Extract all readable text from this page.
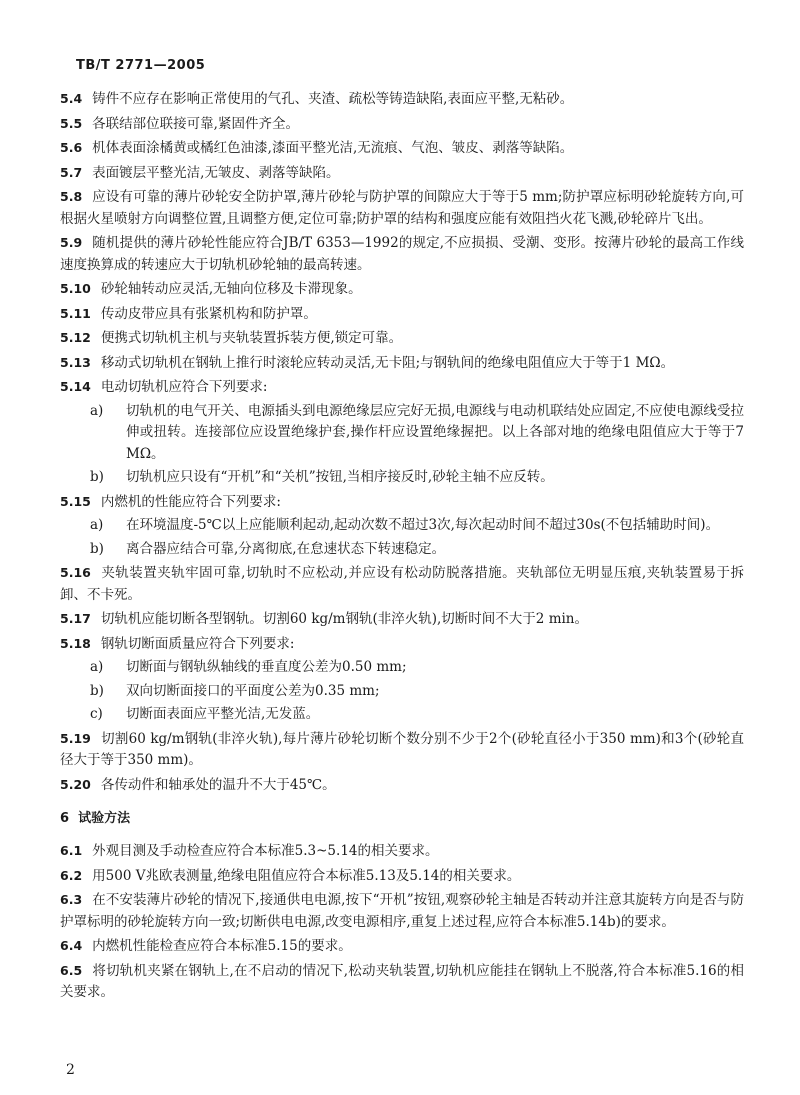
TB/T 2771—2005
5.4 铸件不应存在影响正常使用的气孔、夹渣、疏松等铸造缺陷,表面应平整,无粘砂。
5.5 各联结部位联接可靠,紧固件齐全。
5.6 机体表面涂橘黄或橘红色油漆,漆面平整光洁,无流痕、气泡、皱皮、剥落等缺陷。
5.7 表面镀层平整光洁,无皱皮、剥落等缺陷。
5.8 应设有可靠的薄片砂轮安全防护罩,薄片砂轮与防护罩的间隙应大于等于5 mm;防护罩应标明砂轮旋转方向,可根据火星喷射方向调整位置,且调整方便,定位可靠;防护罩的结构和强度应能有效阻挡火花飞溅,砂轮碎片飞出。
5.9 随机提供的薄片砂轮性能应符合JB/T 6353—1992的规定,不应损损、受潮、变形。按薄片砂轮的最高工作线速度换算成的转速应大于切轨机砂轮轴的最高转速。
5.10 砂轮轴转动应灵活,无轴向位移及卡滞现象。
5.11 传动皮带应具有张紧机构和防护罩。
5.12 便携式切轨机主机与夹轨装置拆装方便,锁定可靠。
5.13 移动式切轨机在钢轨上推行时滚轮应转动灵活,无卡阻;与钢轨间的绝缘电阻值应大于等于1 MΩ。
5.14 电动切轨机应符合下列要求:
a) 切轨机的电气开关、电源插头到电源绝缘层应完好无损,电源线与电动机联结处应固定,不应使电源线受拉伸或扭转。连接部位应设置绝缘护套,操作杆应设置绝缘握把。以上各部对地的绝缘电阻值应大于等于7 MΩ。
b) 切轨机应只设有“开机”和“关机”按钮,当相序接反时,砂轮主轴不应反转。
5.15 内燃机的性能应符合下列要求:
a) 在环境温度-5℃以上应能顺利起动,起动次数不超过3次,每次起动时间不超过30s(不包括辅助时间)。
b) 离合器应结合可靠,分离彻底,在怠速状态下转速稳定。
5.16 夹轨装置夹轨牢固可靠,切轨时不应松动,并应设有松动防脱落措施。夹轨部位无明显压痕,夹轨装置易于拆卸、不卡死。
5.17 切轨机应能切断各型钢轨。切割60 kg/m钢轨(非淬火轨),切断时间不大于2 min。
5.18 钢轨切断面质量应符合下列要求:
a) 切断面与钢轨纵轴线的垂直度公差为0.50 mm;
b) 双向切断面接口的平面度公差为0.35 mm;
c) 切断面表面应平整光洁,无发蓝。
5.19 切割60 kg/m钢轨(非淬火轨),每片薄片砂轮切断个数分别不少于2个(砂轮直径小于350 mm)和3个(砂轮直径大于等于350 mm)。
5.20 各传动件和轴承处的温升不大于45℃。
6 试验方法
6.1 外观目测及手动检查应符合本标准5.3~5.14的相关要求。
6.2 用500 V兆欧表测量,绝缘电阻值应符合本标准5.13及5.14的相关要求。
6.3 在不安装薄片砂轮的情况下,接通供电电源,按下“开机”按钮,观察砂轮主轴是否转动并注意其旋转方向是否与防护罩标明的砂轮旋转方向一致;切断供电电源,改变电源相序,重复上述过程,应符合本标准5.14b)的要求。
6.4 内燃机性能检查应符合本标准5.15的要求。
6.5 将切轨机夹紧在钢轨上,在不启动的情况下,松动夹轨装置,切轨机应能挂在钢轨上不脱落,符合本标准5.16的相关要求。
2
